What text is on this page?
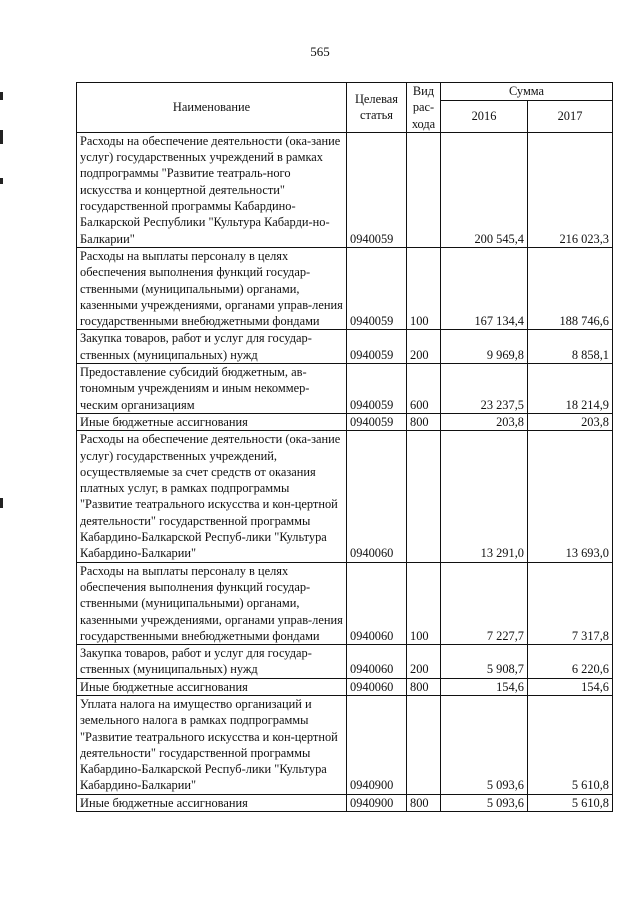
565
Наименование	Целевая статья	Вид рас-хода	Сумма	
			2016	2017
Расходы на обеспечение деятельности (ока-зание услуг) государственных учреждений в рамках подпрограммы "Развитие театраль-ного искусства и концертной деятельности" государственной программы Кабардино-Балкарской Республики "Культура Кабарди-но-Балкарии"	0940059		200 545,4	216 023,3
Расходы на выплаты персоналу в целях обеспечения выполнения функций государ-ственными (муниципальными) органами, казенными учреждениями, органами управ-ления государственными внебюджетными фондами	0940059	100	167 134,4	188 746,6
Закупка товаров, работ и услуг для государ-ственных (муниципальных) нужд	0940059	200	9 969,8	8 858,1
Предоставление субсидий бюджетным, ав-тономным учреждениям и иным некоммер-ческим организациям	0940059	600	23 237,5	18 214,9
Иные бюджетные ассигнования	0940059	800	203,8	203,8
Расходы на обеспечение деятельности (ока-зание услуг) государственных учреждений, осуществляемые за счет средств от оказания платных услуг, в рамках подпрограммы "Развитие театрального искусства и кон-цертной деятельности" государственной программы Кабардино-Балкарской Респуб-лики "Культура Кабардино-Балкарии"	0940060		13 291,0	13 693,0
Расходы на выплаты персоналу в целях обеспечения выполнения функций государ-ственными (муниципальными) органами, казенными учреждениями, органами управ-ления государственными внебюджетными фондами	0940060	100	7 227,7	7 317,8
Закупка товаров, работ и услуг для государ-ственных (муниципальных) нужд	0940060	200	5 908,7	6 220,6
Иные бюджетные ассигнования	0940060	800	154,6	154,6
Уплата налога на имущество организаций и земельного налога в рамках подпрограммы "Развитие театрального искусства и кон-цертной деятельности" государственной программы Кабардино-Балкарской Респуб-лики "Культура Кабардино-Балкарии"	0940900		5 093,6	5 610,8
Иные бюджетные ассигнования	0940900	800	5 093,6	5 610,8
